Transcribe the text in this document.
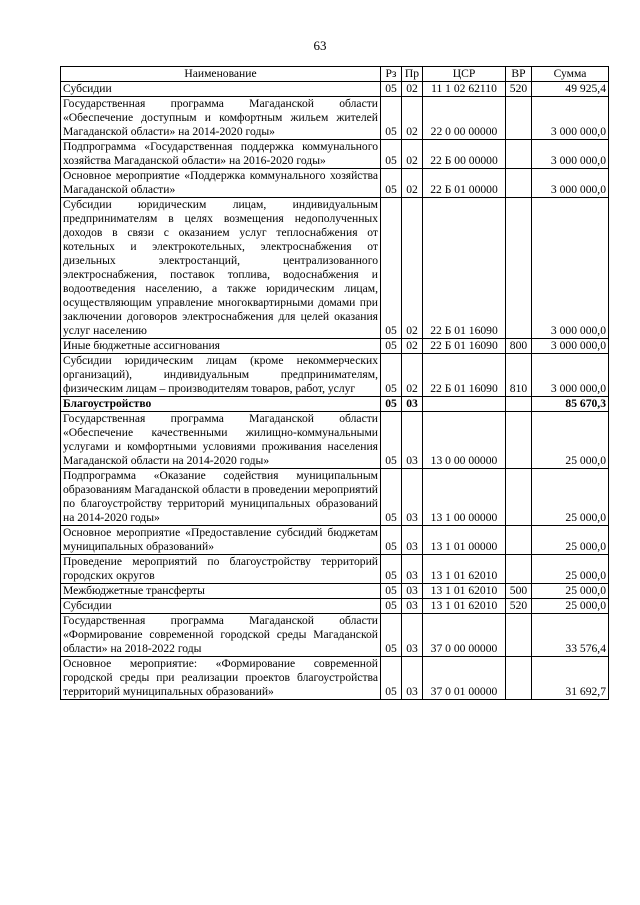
63
Наименование	Рз	Пр	ЦСР	ВР	Сумма
Субсидии	05	02	11 1 02 62110	520	49 925,4
Государственная программа Магаданской области «Обеспечение доступным и комфортным жильем жителей Магаданской области» на 2014-2020 годы»	05	02	22 0 00 00000		3 000 000,0
Подпрограмма «Государственная поддержка коммунального хозяйства Магаданской области» на 2016-2020 годы»	05	02	22 Б 00 00000		3 000 000,0
Основное мероприятие «Поддержка коммунального хозяйства Магаданской области»	05	02	22 Б 01 00000		3 000 000,0
Субсидии юридическим лицам, индивидуальным предпринимателям в целях возмещения недополученных доходов в связи с оказанием услуг теплоснабжения от котельных и электрокотельных, электроснабжения от дизельных электростанций, централизованного электроснабжения, поставок топлива, водоснабжения и водоотведения населению, а также юридическим лицам, осуществляющим управление многоквартирными домами при заключении договоров электроснабжения для целей оказания услуг населению	05	02	22 Б 01 16090		3 000 000,0
Иные бюджетные ассигнования	05	02	22 Б 01 16090	800	3 000 000,0
Субсидии юридическим лицам (кроме некоммерческих организаций), индивидуальным предпринимателям, физическим лицам – производителям товаров, работ, услуг	05	02	22 Б 01 16090	810	3 000 000,0
Благоустройство	05	03			85 670,3
Государственная программа Магаданской области «Обеспечение качественными жилищно-коммунальными услугами и комфортными условиями проживания населения Магаданской области на 2014-2020 годы»	05	03	13 0 00 00000		25 000,0
Подпрограмма «Оказание содействия муниципальным образованиям Магаданской области в проведении мероприятий по благоустройству территорий муниципальных образований на 2014-2020 годы»	05	03	13 1 00 00000		25 000,0
Основное мероприятие «Предоставление субсидий бюджетам муниципальных образований»	05	03	13 1 01 00000		25 000,0
Проведение мероприятий по благоустройству территорий городских округов	05	03	13 1 01 62010		25 000,0
Межбюджетные трансферты	05	03	13 1 01 62010	500	25 000,0
Субсидии	05	03	13 1 01 62010	520	25 000,0
Государственная программа Магаданской области «Формирование современной городской среды Магаданской области» на 2018-2022 годы	05	03	37 0 00 00000		33 576,4
Основное мероприятие: «Формирование современной городской среды при реализации проектов благоустройства территорий муниципальных образований»	05	03	37 0 01 00000		31 692,7
